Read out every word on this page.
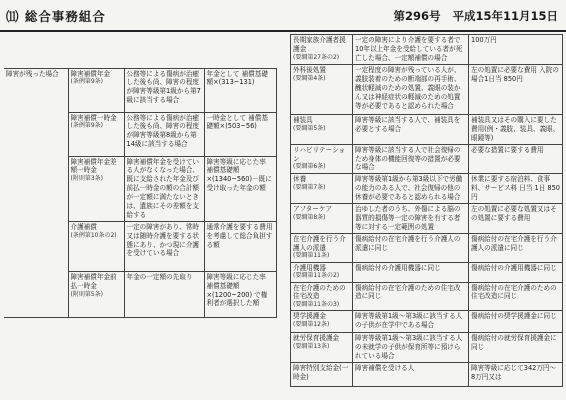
⑾ 総合事務組合	第296号 平成15年11月15日

障害が残った場合	障害補償年金
(条例第9条)	公務等による傷病が治癒した後も尚、障害の程度が障害等級第1級から第7級に該当する場合	年金として 補償基礎額×(313~131)
	障害補償一時金
(条例第9条)	公務等による傷病が治癒した後も尚、障害の程度が障害等級第8級から第14級に該当する場合	一時金として 補償基礎額×(503~56)
	障害補償年金差額一時金
(附則第3条)	障害補償年金を受けている人がなくなった場合、既に支給された年金及び前払一時金の額の合計額が一定額に満たないときは、遺族にその差額を支給する	障害等級に応じた率 補償基礎額×(1340~560)－既に受け取った年金の額
	介護補償
(条例第10条の2)	一定の障害があり、常時又は随時介護を要する状態にあり、かつ現に介護を受けている場合	通常介護を要する費用を考慮して総合負担する額
	障害補償年金前払一時金
(附則第5条)	年金の一定額の先取り	障害等級に応じた率 補償基礎額×(1200~200) で権利者が選択した額
長期家族介護者援護金
(要綱第27条の2)	一定の障害により介護を要する者で10年以上年金を受給している者が死亡した場合、一定額補償の場合	100万円
外科後処置
(要綱第4条)	一定程度の障害が残っている人が、義肢装着のための断端部の再手術、醜状軽減のための処置、義眼の装かん又は神経症状の軽減のための処置等が必要であると認められた場合	左の処置に必要な費用 入院の場合1日当 850円
補装具
(要綱第5条)	障害等級に該当する人で、補装具を必要とする場合	補装具又はその購入に要した費用(例・義肢、装具、義眼、眼鏡等)
リハビリテーション
(要綱第6条)	障害等級に該当する人で社会復帰のため身体の機能回復等の措置が必要な場合	必要な措置に要する費用
休養
(要綱第7条)	障害等級第1級から第3級以下で労働の能力のある人で、社会復帰の他の休養が必要であると認められる場合	休業に要する宿泊料、食事料、サービス料 日当 1日 850円
アフターケア
(要綱第8条)	治ゆした者のうち、外傷による脳の器質的損傷等一定の障害を有する者等に対する一定範囲の処置	左の処置に必要な処置又はその処置に要する費用
在宅介護を行う介護人の派遣
(要綱第11条)	傷病給付の在宅介護を行う介護人の派遣に同じ	傷病給付の在宅介護を行う介護人の派遣に同じ
介護用機器
(要綱第11条の2)	傷病給付の介護用機器に同じ	傷病給付の介護用機器に同じ
在宅介護のための住宅改造
(要綱第11条の3)	傷病給付の在宅介護のための住宅改造に同じ	傷病給付の在宅介護のための住宅改造に同じ
奨学援護金
(要綱第12条)	障害等級第1級〜第3級に該当する人の子供が在学中である場合	傷病給付の奨学援護金に同じ
就労保育援護金
(要綱第13条)	障害等級第1級〜第3級に該当する人の未就学の子供が保育所等に預けられている場合	傷病給付の就労保育援護金に同じ
障害特別支給金(一時金)	障害補償を受ける人	障害等級に応じて342万円〜8万円又は
